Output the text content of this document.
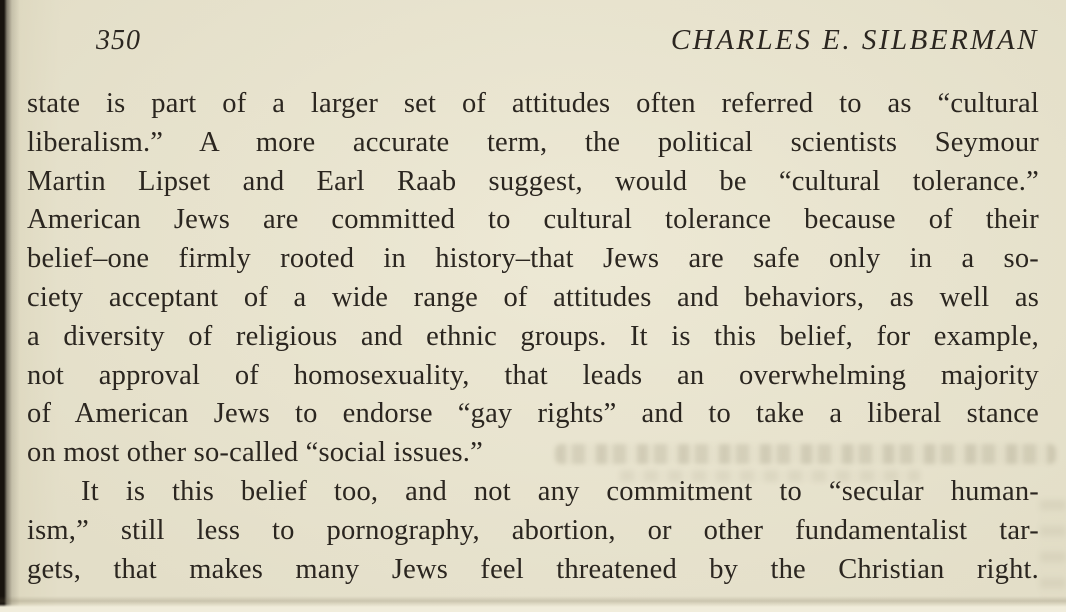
350	CHARLES E. SILBERMAN
state is part of a larger set of attitudes often referred to as “cultural
liberalism.” A more accurate term, the political scientists Seymour
Martin Lipset and Earl Raab suggest, would be “cultural tolerance.”
American Jews are committed to cultural tolerance because of their
belief–one firmly rooted in history–that Jews are safe only in a so-
ciety acceptant of a wide range of attitudes and behaviors, as well as
a diversity of religious and ethnic groups. It is this belief, for example,
not approval of homosexuality, that leads an overwhelming majority
of American Jews to endorse “gay rights” and to take a liberal stance
on most other so-called “social issues.”
It is this belief too, and not any commitment to “secular human-
ism,” still less to pornography, abortion, or other fundamentalist tar-
gets, that makes many Jews feel threatened by the Christian right.
